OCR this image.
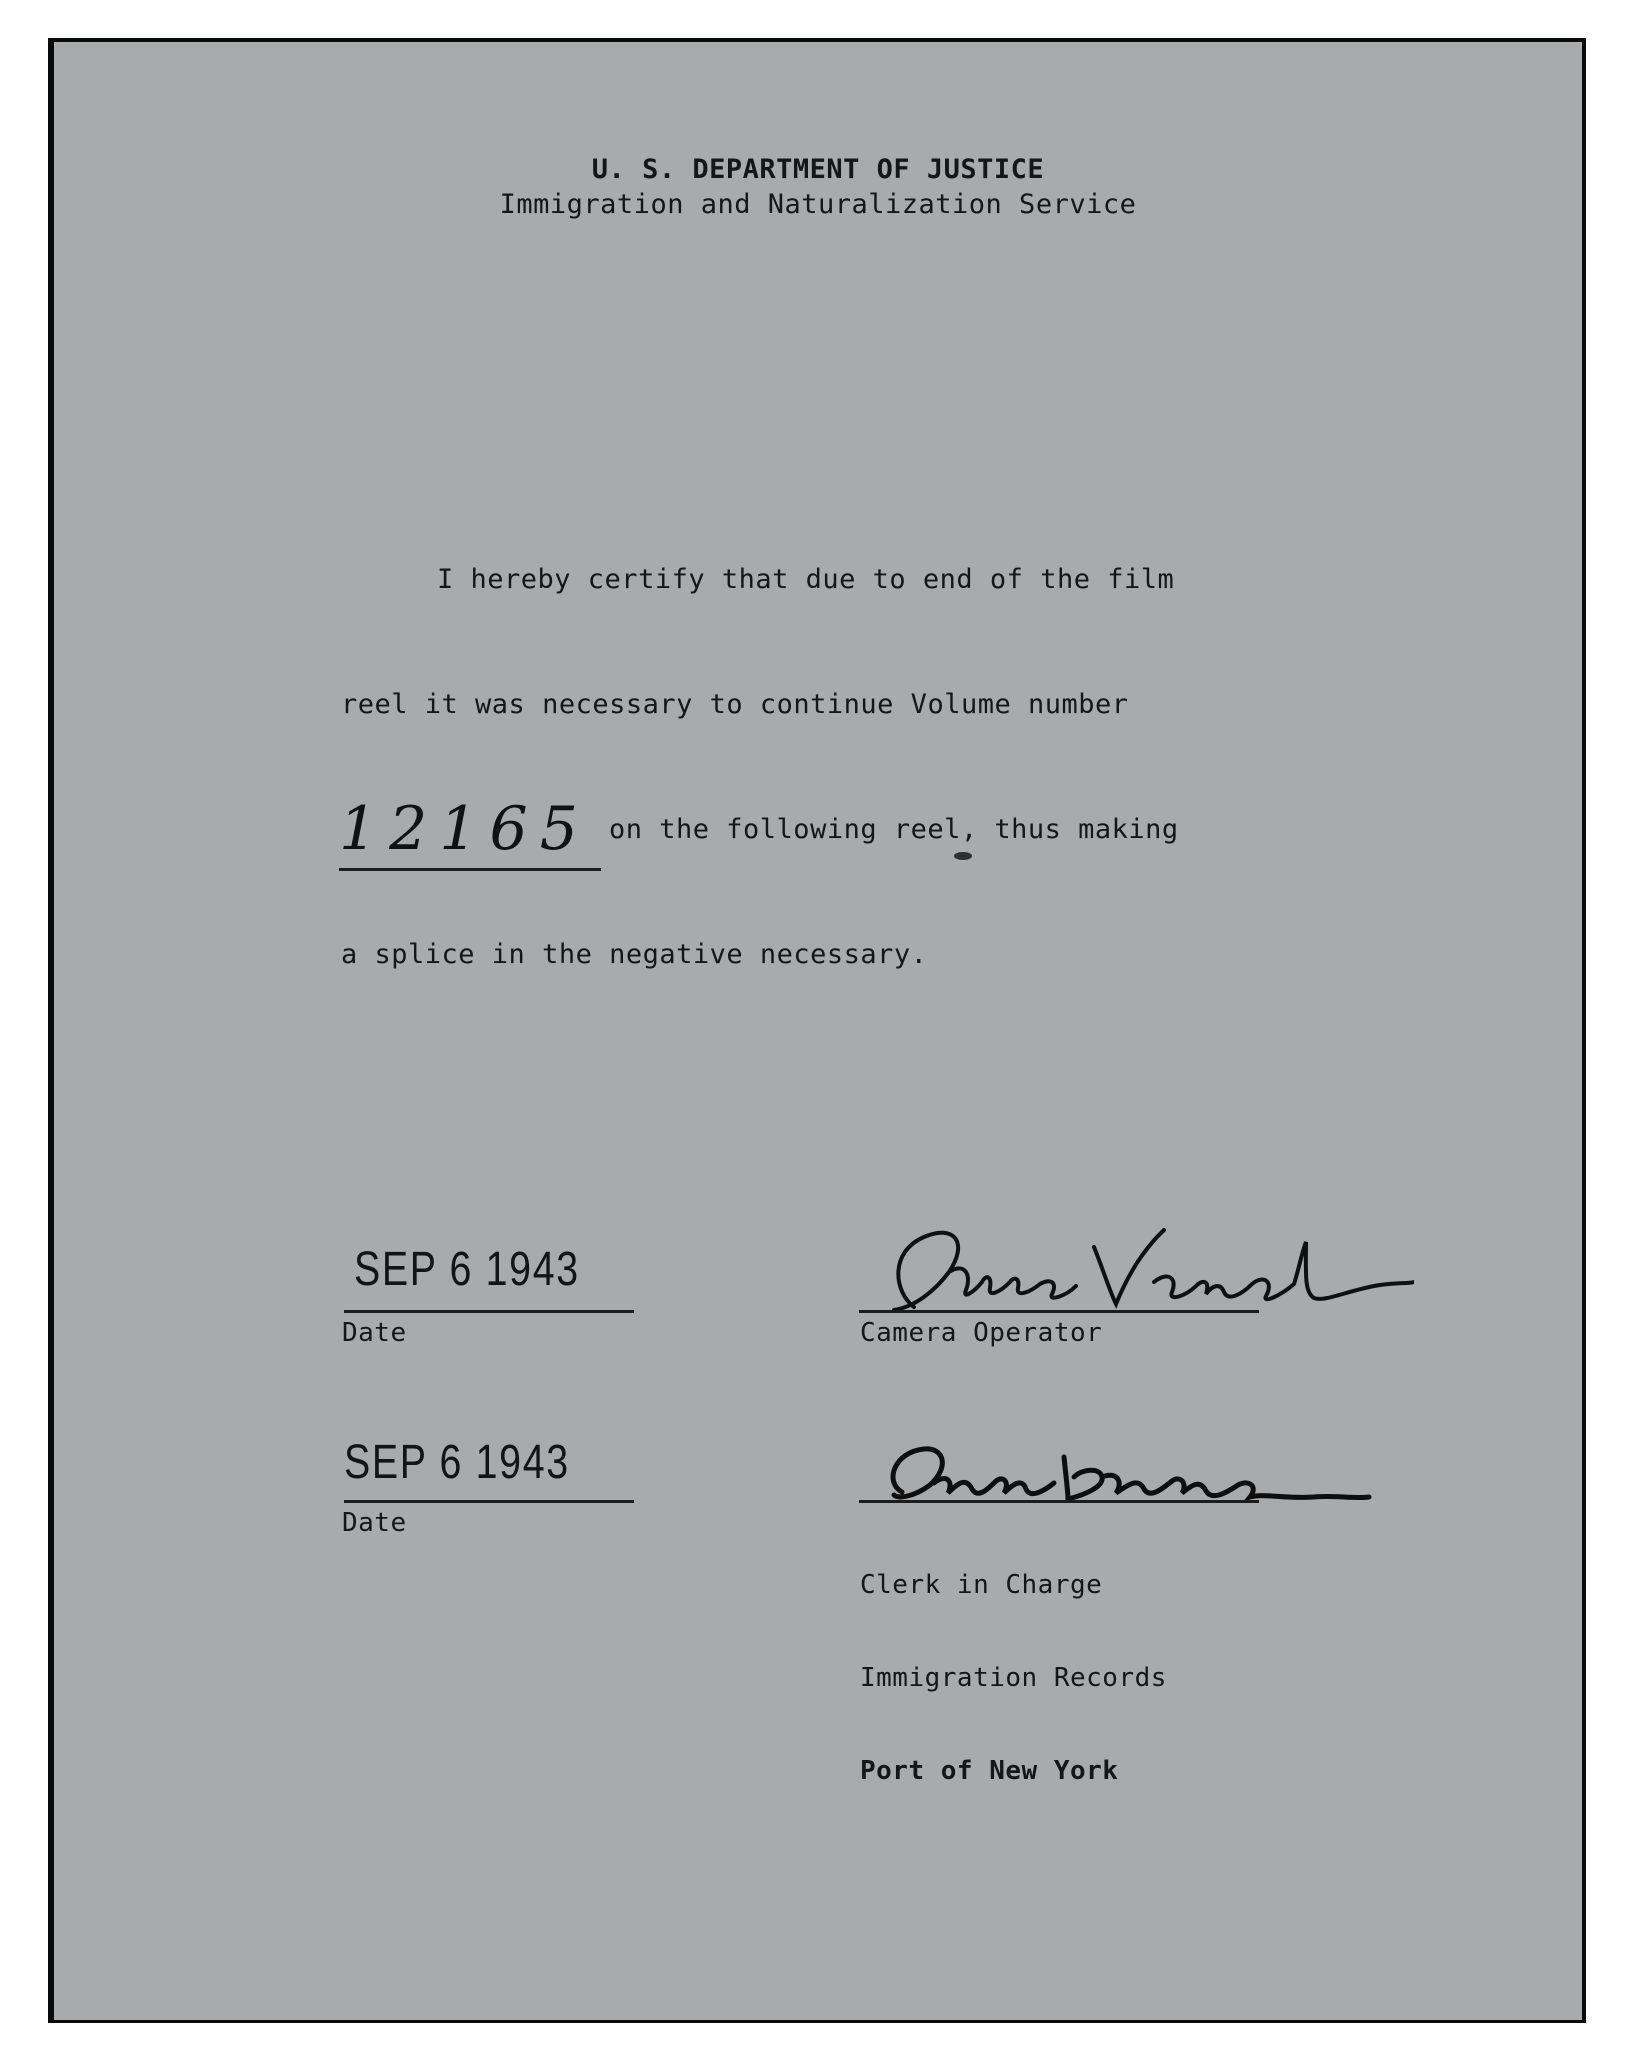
U. S. DEPARTMENT OF JUSTICE
Immigration and Naturalization Service
I hereby certify that due to end of the film
reel it was necessary to continue Volume number
12165 on the following reel, thus making
a splice in the negative necessary.
SEP 6 1943
Date	Camera Operator
SEP 6 1943
Date

Clerk in Charge

Immigration Records

Port of New York
